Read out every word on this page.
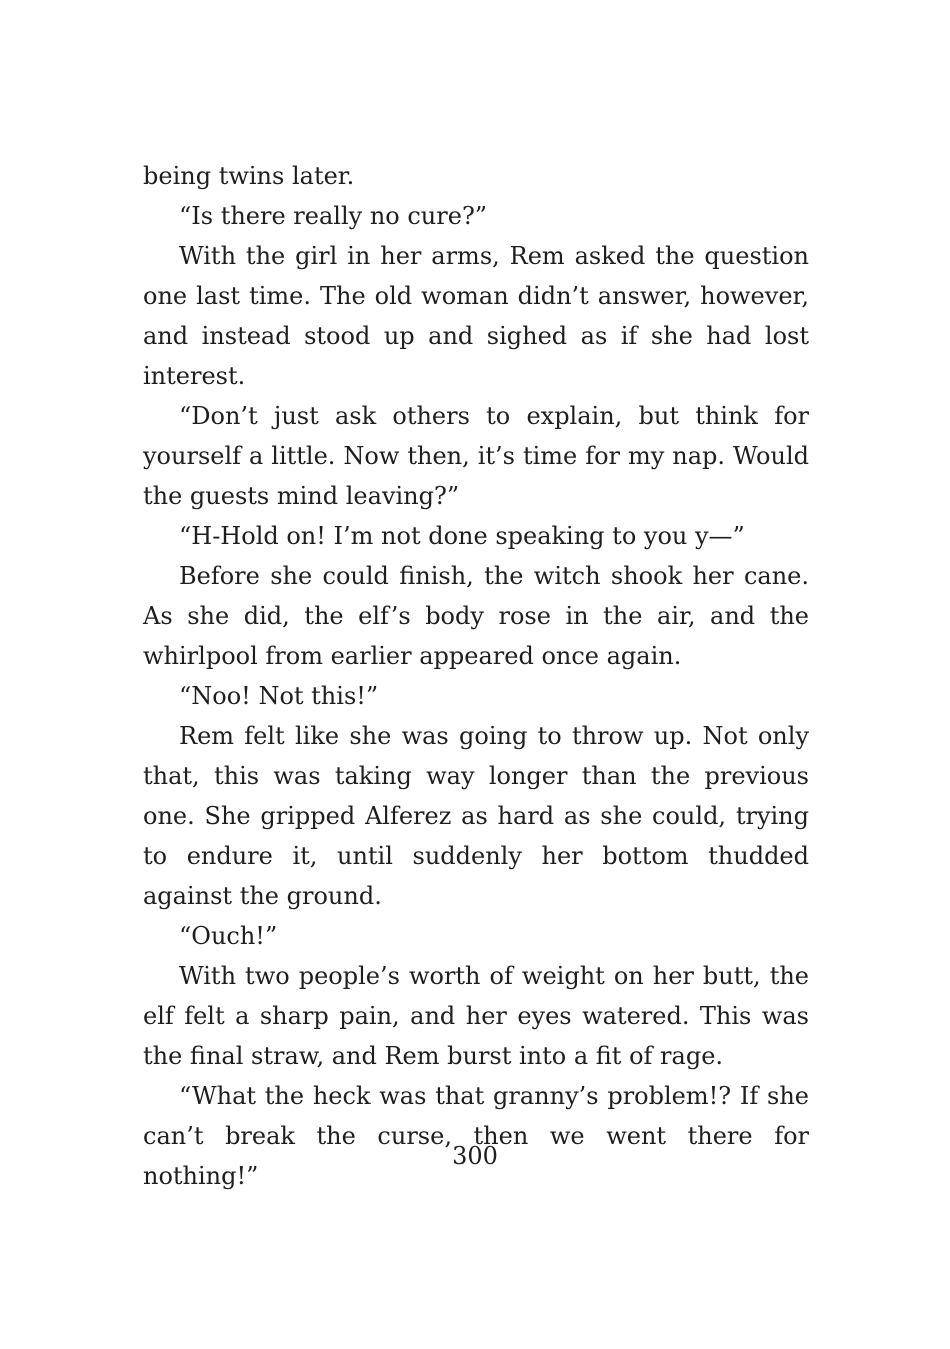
being twins later.

“Is there really no cure?”

With the girl in her arms, Rem asked the question one last time. The old woman didn’t answer, however, and instead stood up and sighed as if she had lost interest.

“Don’t just ask others to explain, but think for yourself a little. Now then, it’s time for my nap. Would the guests mind leaving?”

“H-Hold on! I’m not done speaking to you y—”

Before she could finish, the witch shook her cane. As she did, the elf’s body rose in the air, and the whirlpool from earlier appeared once again.

“Noo! Not this!”

Rem felt like she was going to throw up. Not only that, this was taking way longer than the previous one. She gripped Alferez as hard as she could, trying to endure it, until suddenly her bottom thudded against the ground.

“Ouch!”

With two people’s worth of weight on her butt, the elf felt a sharp pain, and her eyes watered. This was the final straw, and Rem burst into a fit of rage.

“What the heck was that granny’s problem!? If she can’t break the curse, then we went there for nothing!”

300
